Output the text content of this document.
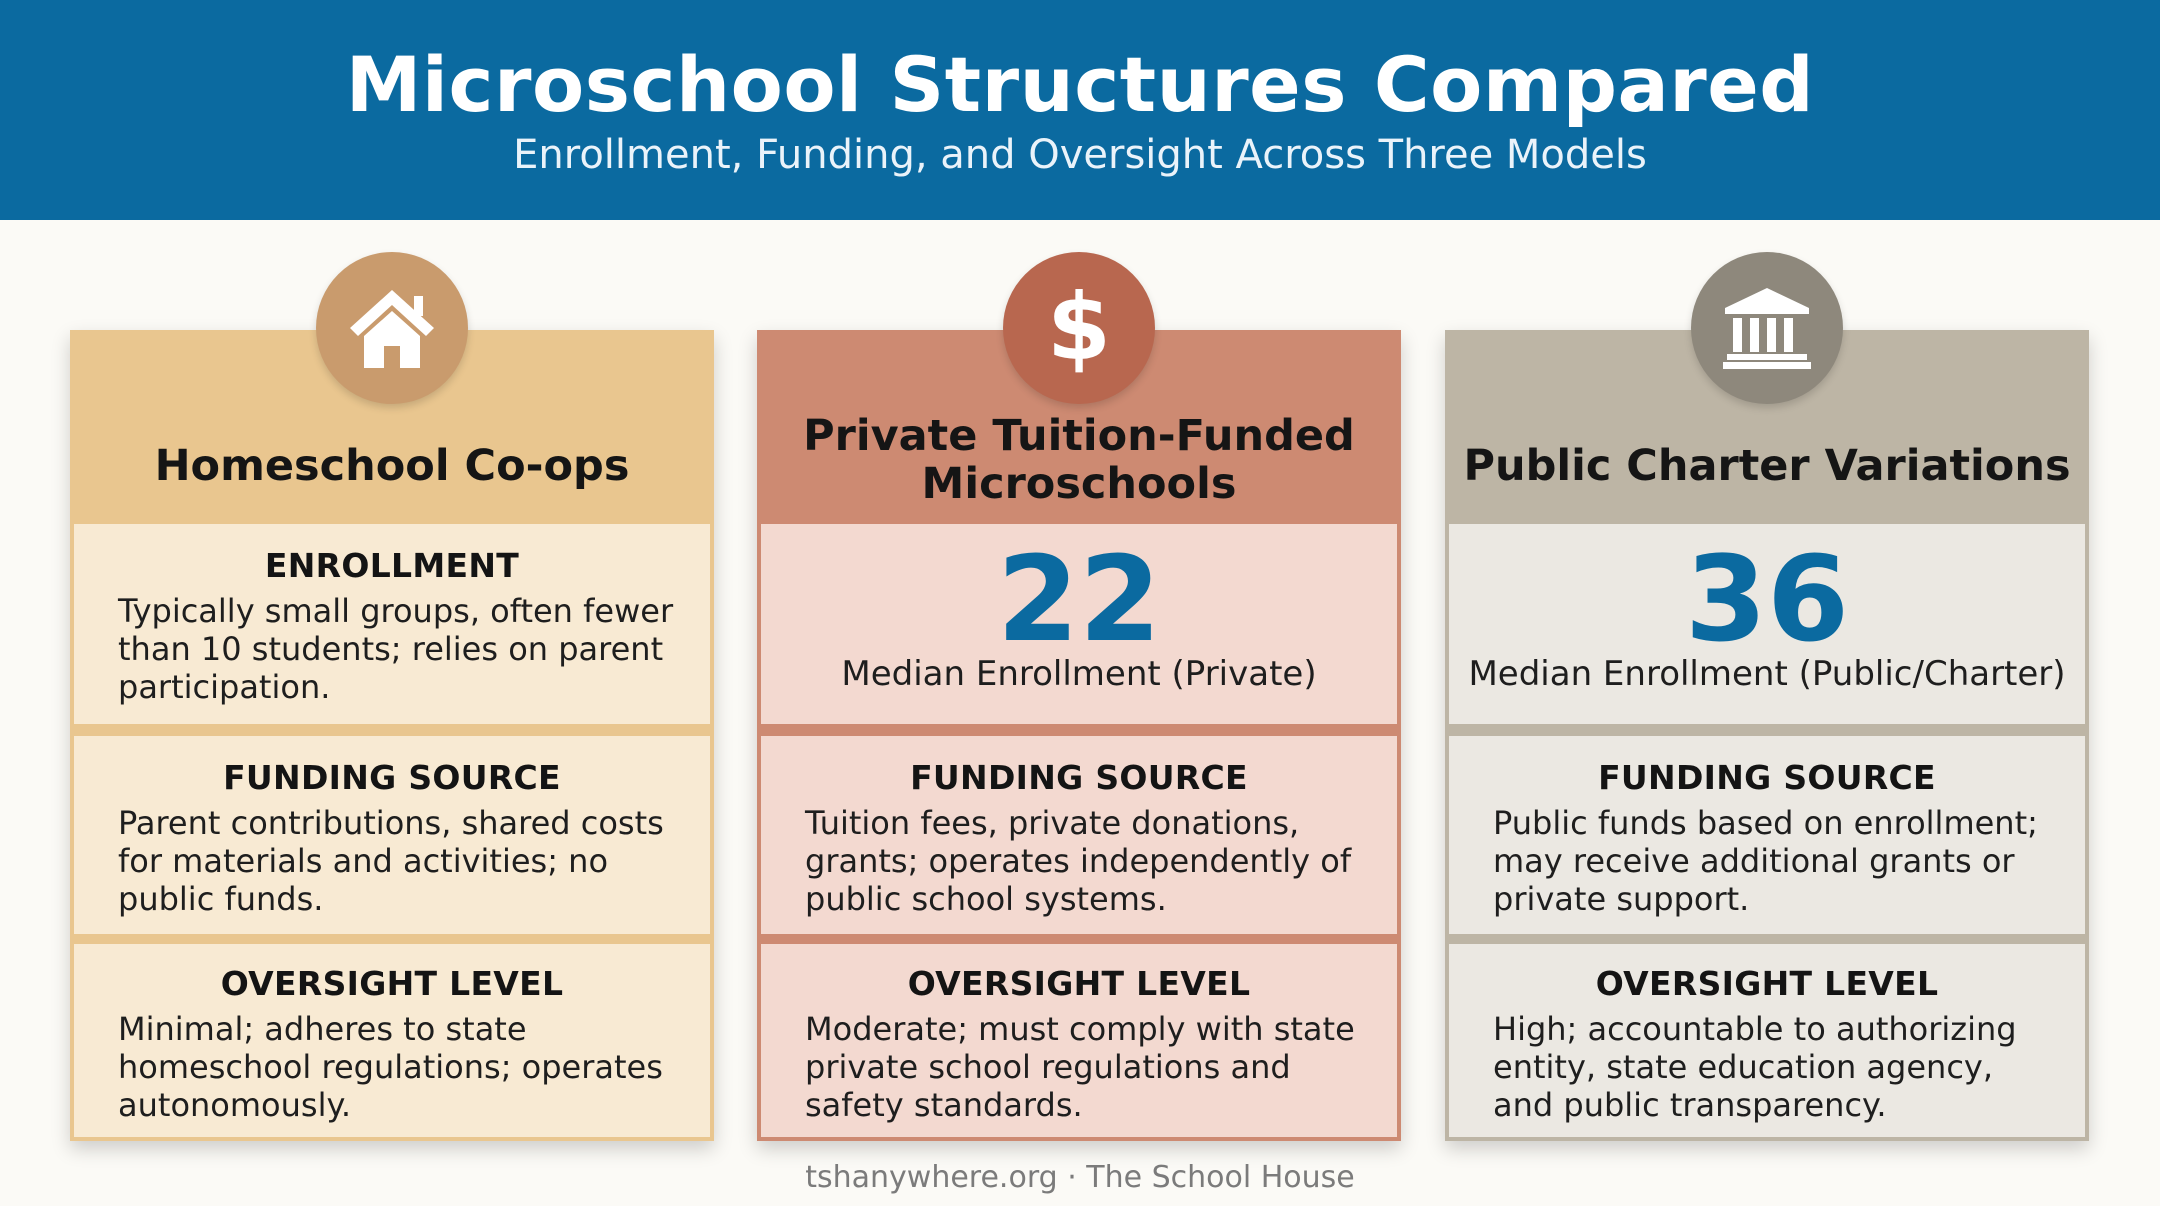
Microschool Structures Compared
Enrollment, Funding, and Oversight Across Three Models
Homeschool Co-ops
ENROLLMENT
Typically small groups, often fewer than 10 students; relies on parent participation.
FUNDING SOURCE
Parent contributions, shared costs for materials and activities; no public funds.
OVERSIGHT LEVEL
Minimal; adheres to state homeschool regulations; operates autonomously.
Private Tuition-Funded Microschools
22
Median Enrollment (Private)
FUNDING SOURCE
Tuition fees, private donations, grants; operates independently of public school systems.
OVERSIGHT LEVEL
Moderate; must comply with state private school regulations and safety standards.
Public Charter Variations
36
Median Enrollment (Public/Charter)
FUNDING SOURCE
Public funds based on enrollment; may receive additional grants or private support.
OVERSIGHT LEVEL
High; accountable to authorizing entity, state education agency, and public transparency.
$
tshanywhere.org · The School House
